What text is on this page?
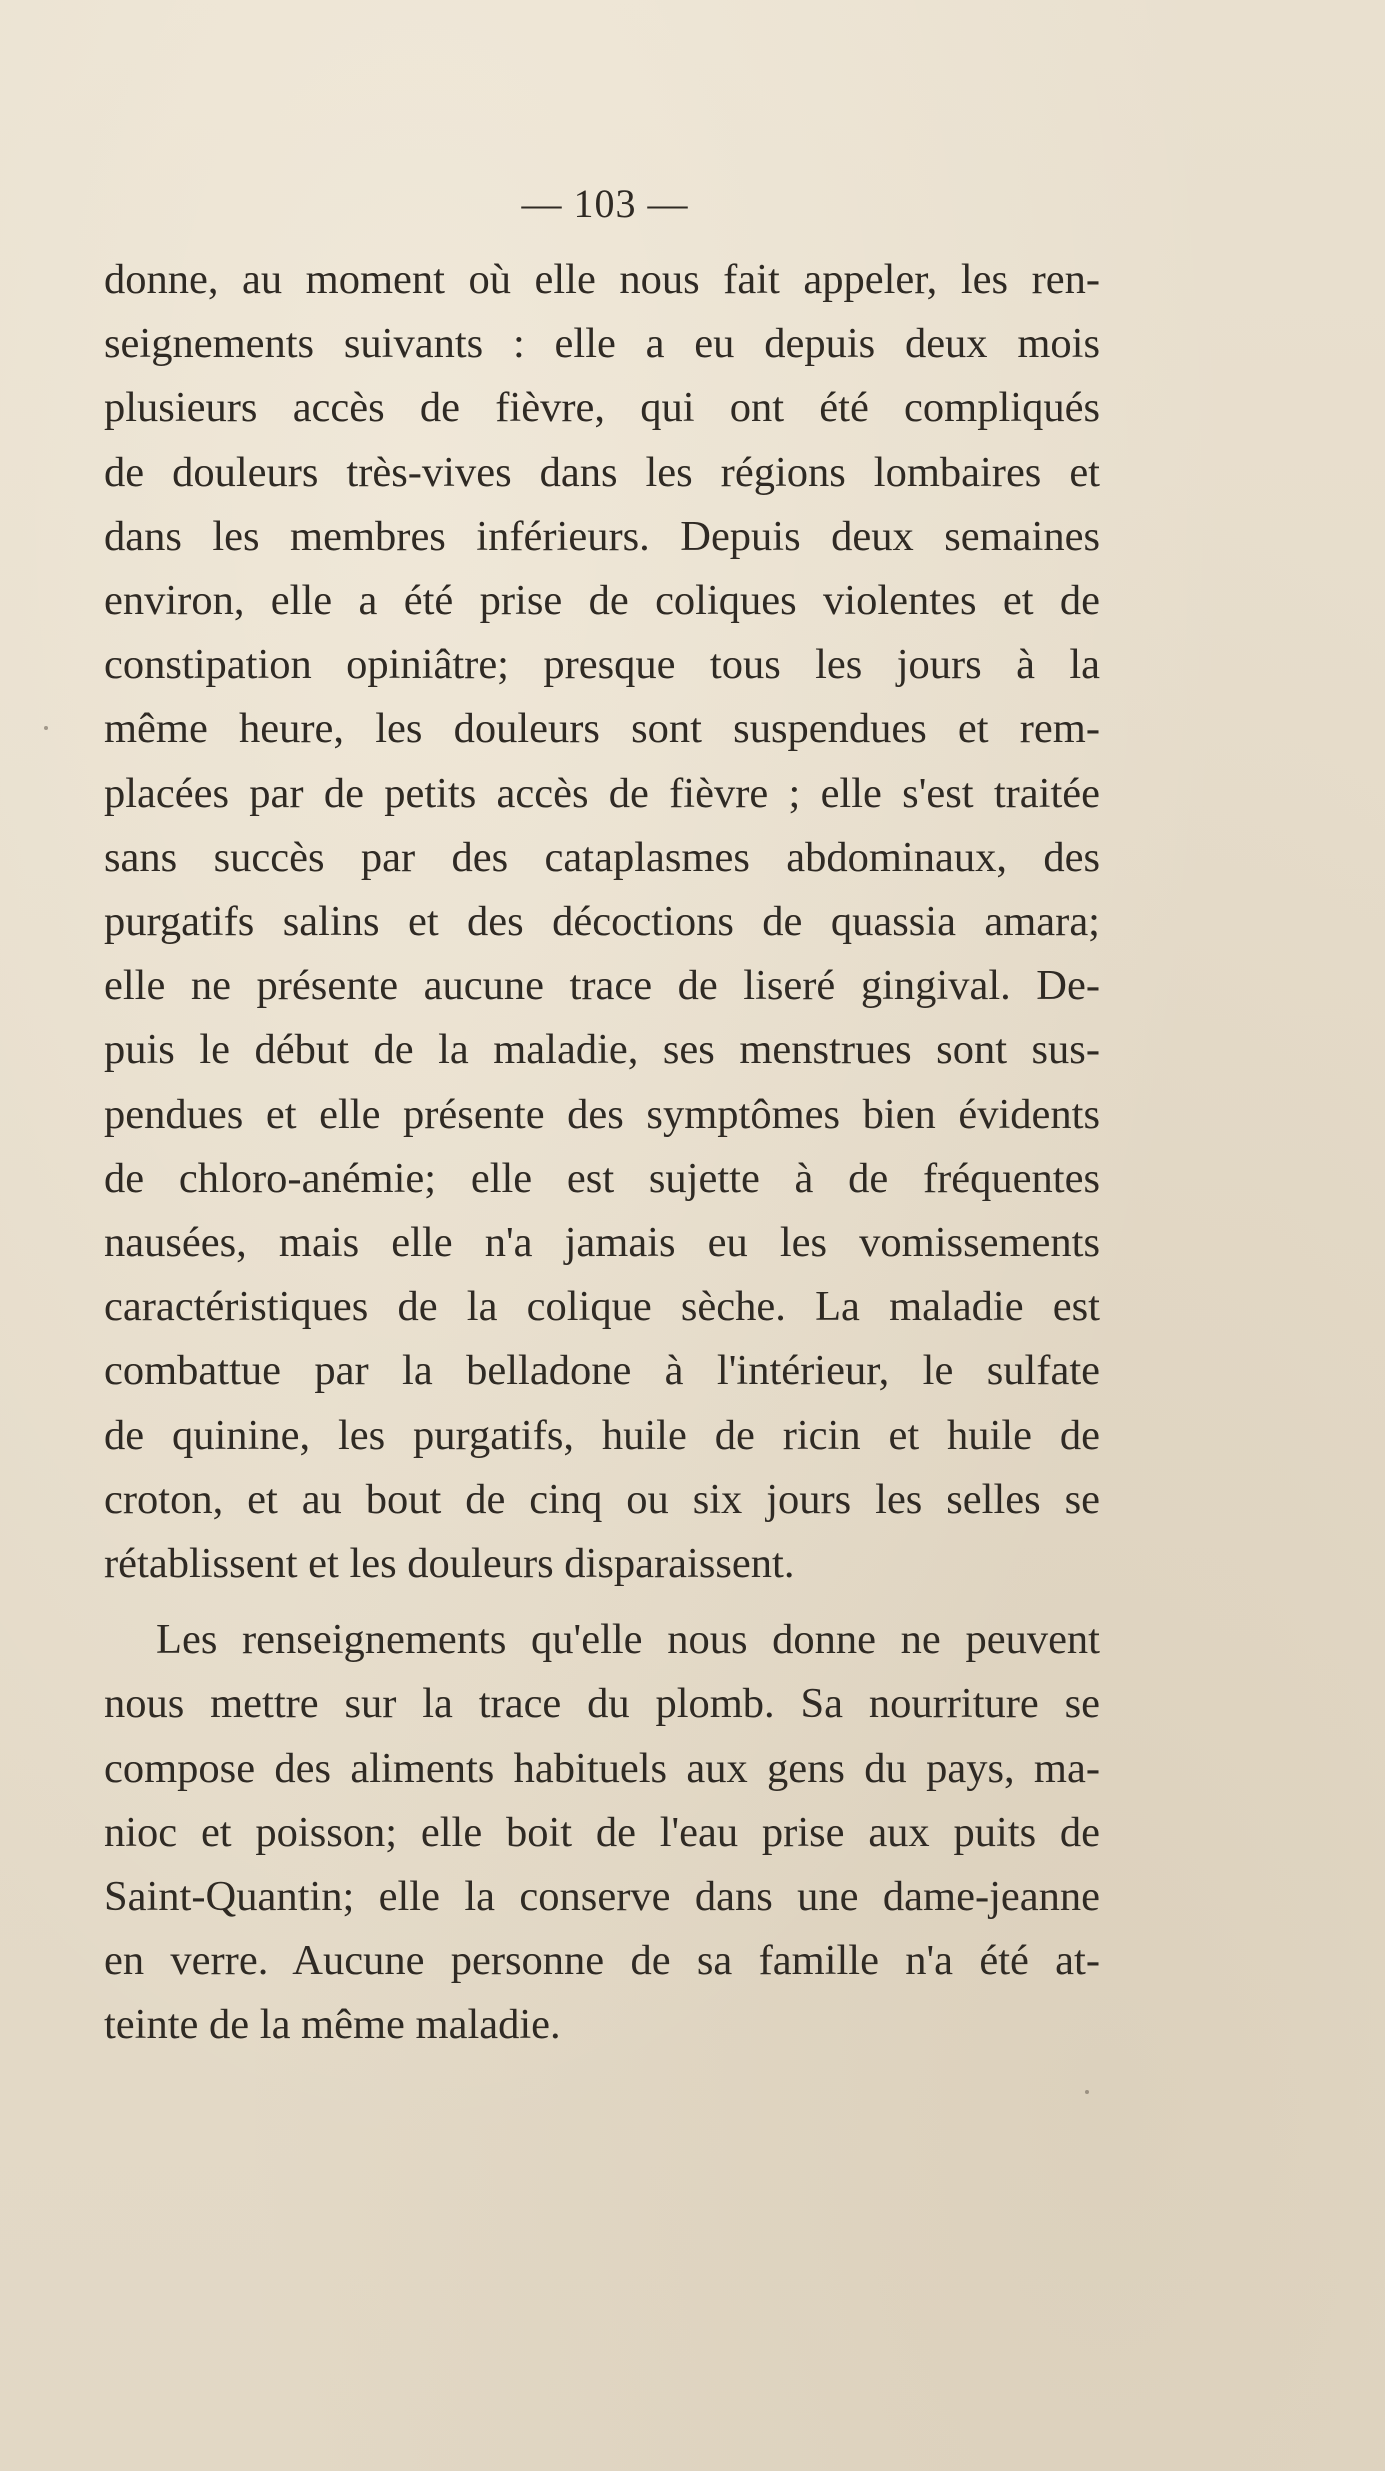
— 103 —
donne, au moment où elle nous fait appeler, les ren-
seignements suivants : elle a eu depuis deux mois
plusieurs accès de fièvre, qui ont été compliqués
de douleurs très-vives dans les régions lombaires et
dans les membres inférieurs. Depuis deux semaines
environ, elle a été prise de coliques violentes et de
constipation opiniâtre; presque tous les jours à la
même heure, les douleurs sont suspendues et rem-
placées par de petits accès de fièvre ; elle s'est traitée
sans succès par des cataplasmes abdominaux, des
purgatifs salins et des décoctions de quassia amara;
elle ne présente aucune trace de liseré gingival. De-
puis le début de la maladie, ses menstrues sont sus-
pendues et elle présente des symptômes bien évidents
de chloro-anémie; elle est sujette à de fréquentes
nausées, mais elle n'a jamais eu les vomissements
caractéristiques de la colique sèche. La maladie est
combattue par la belladone à l'intérieur, le sulfate
de quinine, les purgatifs, huile de ricin et huile de
croton, et au bout de cinq ou six jours les selles se
rétablissent et les douleurs disparaissent.
Les renseignements qu'elle nous donne ne peuvent
nous mettre sur la trace du plomb. Sa nourriture se
compose des aliments habituels aux gens du pays, ma-
nioc et poisson; elle boit de l'eau prise aux puits de
Saint-Quantin; elle la conserve dans une dame-jeanne
en verre. Aucune personne de sa famille n'a été at-
teinte de la même maladie.
